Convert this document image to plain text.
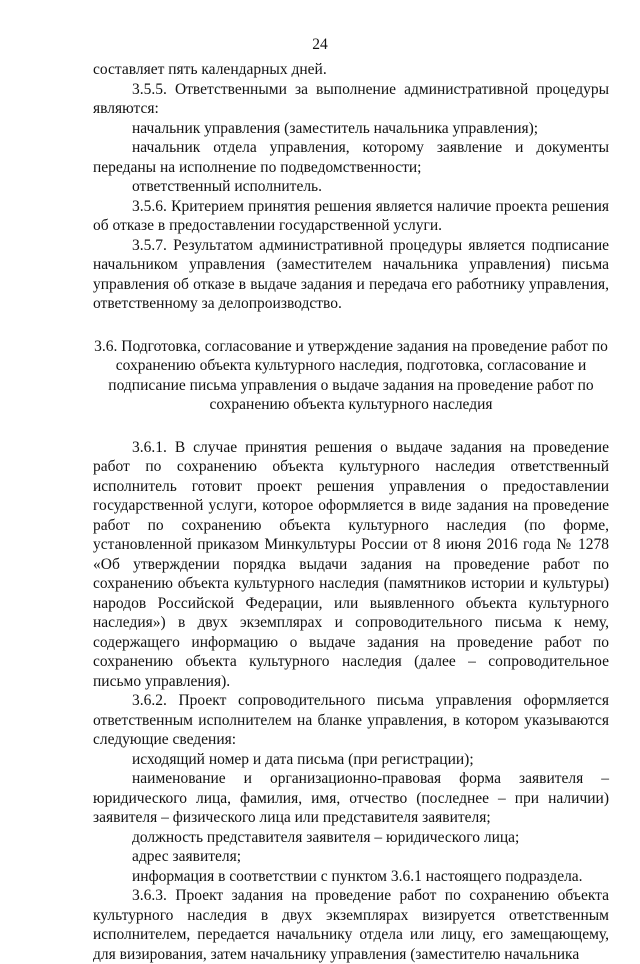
24

составляет пять календарных дней.

3.5.5. Ответственными за выполнение административной процедуры являются:

начальник управления (заместитель начальника управления);

начальник отдела управления, которому заявление и документы переданы на исполнение по подведомственности;

ответственный исполнитель.

3.5.6. Критерием принятия решения является наличие проекта решения об отказе в предоставлении государственной услуги.

3.5.7. Результатом административной процедуры является подписание начальником управления (заместителем начальника управления) письма управления об отказе в выдаче задания и передача его работнику управления, ответственному за делопроизводство.

3.6. Подготовка, согласование и утверждение задания на проведение работ по сохранению объекта культурного наследия, подготовка, согласование и подписание письма управления о выдаче задания на проведение работ по сохранению объекта культурного наследия

3.6.1. В случае принятия решения о выдаче задания на проведение работ по сохранению объекта культурного наследия ответственный исполнитель готовит проект решения управления о предоставлении государственной услуги, которое оформляется в виде задания на проведение работ по сохранению объекта культурного наследия (по форме, установленной приказом Минкультуры России от 8 июня 2016 года № 1278 «Об утверждении порядка выдачи задания на проведение работ по сохранению объекта культурного наследия (памятников истории и культуры) народов Российской Федерации, или выявленного объекта культурного наследия») в двух экземплярах и сопроводительного письма к нему, содержащего информацию о выдаче задания на проведение работ по сохранению объекта культурного наследия (далее – сопроводительное письмо управления).

3.6.2. Проект сопроводительного письма управления оформляется ответственным исполнителем на бланке управления, в котором указываются следующие сведения:

исходящий номер и дата письма (при регистрации);

наименование и организационно-правовая форма заявителя – юридического лица, фамилия, имя, отчество (последнее – при наличии) заявителя – физического лица или представителя заявителя;

должность представителя заявителя – юридического лица;

адрес заявителя;

информация в соответствии с пунктом 3.6.1 настоящего подраздела.

3.6.3. Проект задания на проведение работ по сохранению объекта культурного наследия в двух экземплярах визируется ответственным исполнителем, передается начальнику отдела или лицу, его замещающему, для визирования, затем начальнику управления (заместителю начальника
